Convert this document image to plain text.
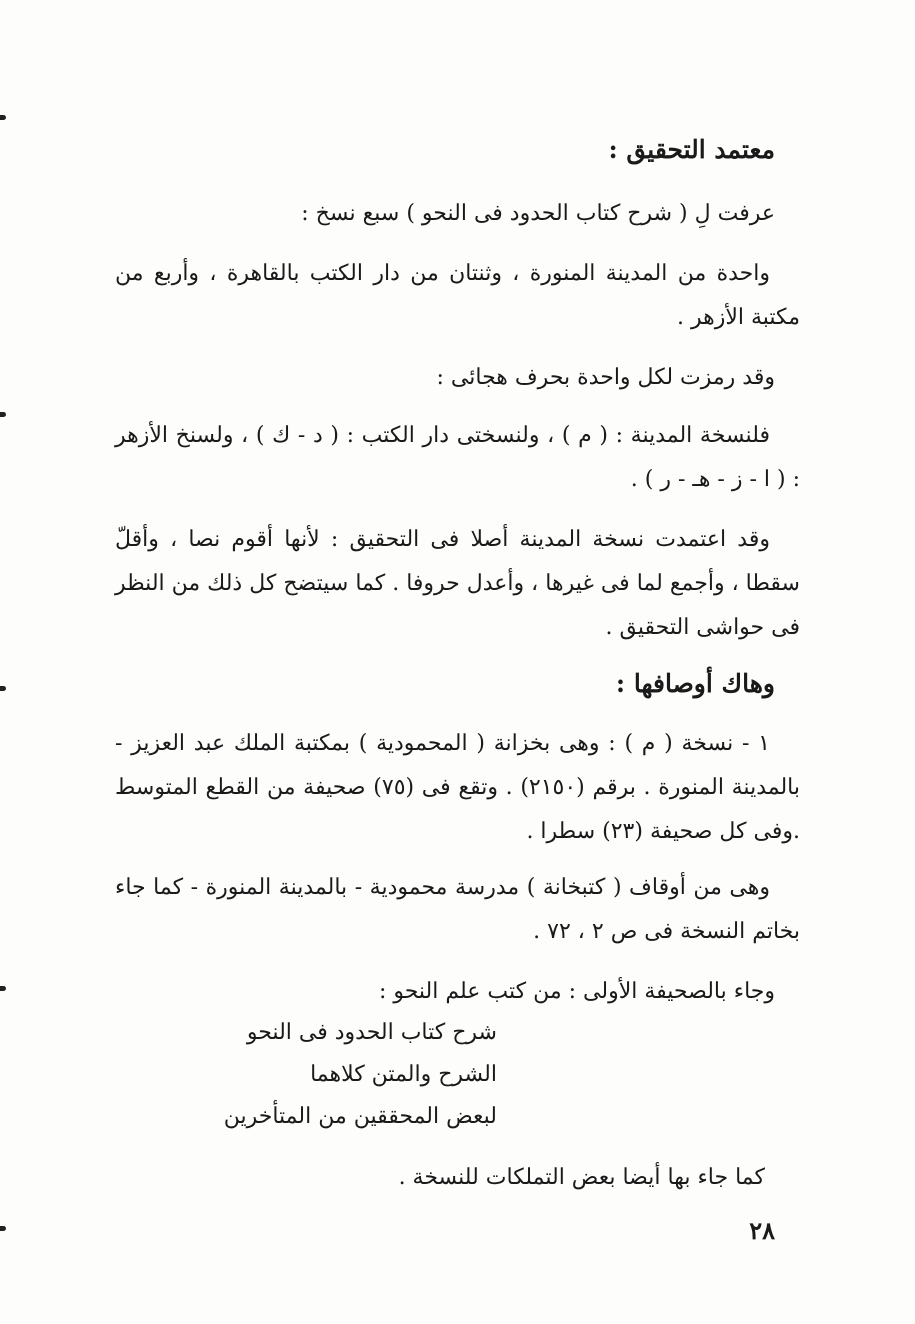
معتمد التحقيق :
عرفت لِ ( شرح كتاب الحدود فى النحو ) سبع نسخ :
واحدة من المدينة المنورة ، وثنتان من دار الكتب بالقاهرة ، وأربع من مكتبة الأزهر .
وقد رمزت لكل واحدة بحرف هجائى :
فلنسخة المدينة : ( م ) ، ولنسختى دار الكتب : ( د - ك ) ، ولسنخ الأزهر : ( ا - ز - هـ - ر ) .
وقد اعتمدت نسخة المدينة أصلا فى التحقيق : لأنها أقوم نصا ، وأقلّ سقطا ، وأجمع لما فى غيرها ، وأعدل حروفا . كما سيتضح كل ذلك من النظر فى حواشى التحقيق .
وهاك أوصافها :
١ - نسخة ( م ) : وهى بخزانة ( المحمودية ) بمكتبة الملك عبد العزيز - بالمدينة المنورة . برقم (٢١٥٠) . وتقع فى (٧٥) صحيفة من القطع المتوسط .وفى كل صحيفة (٢٣) سطرا .
وهى من أوقاف ( كتبخانة ) مدرسة محمودية - بالمدينة المنورة - كما جاء بخاتم النسخة فى ص ٢ ، ٧٢ .
وجاء بالصحيفة الأولى : من كتب علم النحو :
شرح كتاب الحدود فى النحو
الشرح والمتن كلاهما
لبعض المحققين من المتأخرين
كما جاء بها أيضا بعض التملكات للنسخة .
٢٨
